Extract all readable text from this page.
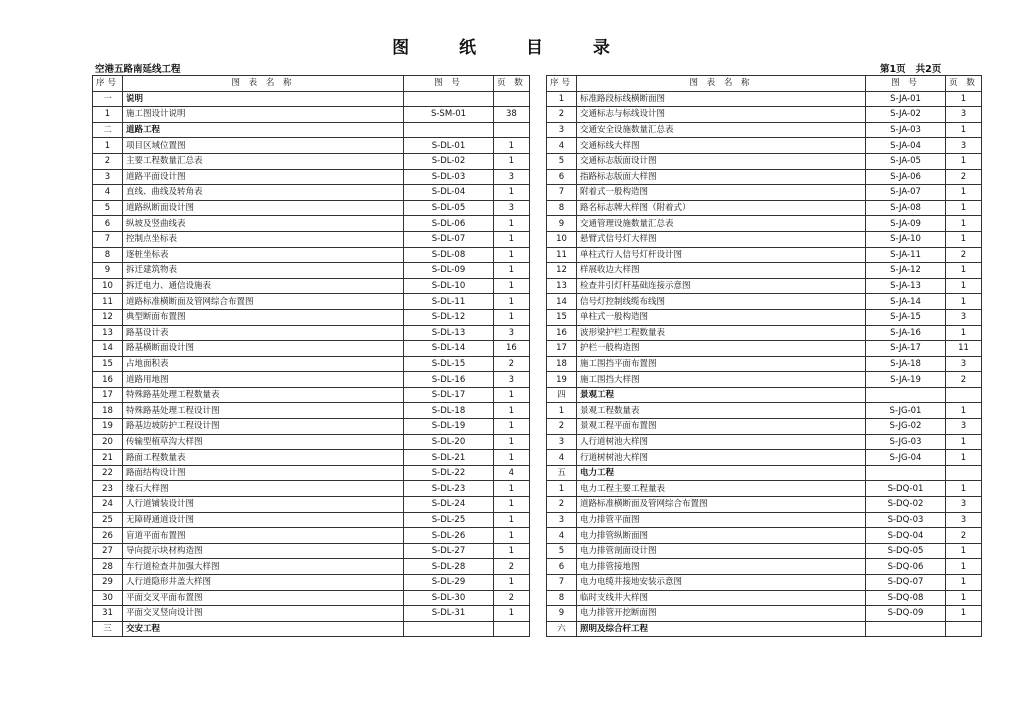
图 纸 目 录
空港五路南延线工程	第1页 共2页
序号	图 表 名 称	图 号	页 数
一	说明		
1	施工图设计说明	S-SM-01	38
二	道路工程		
1	项目区域位置图	S-DL-01	1
2	主要工程数量汇总表	S-DL-02	1
3	道路平面设计图	S-DL-03	3
4	直线、曲线及转角表	S-DL-04	1
5	道路纵断面设计图	S-DL-05	3
6	纵坡及竖曲线表	S-DL-06	1
7	控制点坐标表	S-DL-07	1
8	逐桩坐标表	S-DL-08	1
9	拆迁建筑物表	S-DL-09	1
10	拆迁电力、通信设施表	S-DL-10	1
11	道路标准横断面及管网综合布置图	S-DL-11	1
12	典型断面布置图	S-DL-12	1
13	路基设计表	S-DL-13	3
14	路基横断面设计图	S-DL-14	16
15	占地面积表	S-DL-15	2
16	道路用地图	S-DL-16	3
17	特殊路基处理工程数量表	S-DL-17	1
18	特殊路基处理工程设计图	S-DL-18	1
19	路基边坡防护工程设计图	S-DL-19	1
20	传输型植草沟大样图	S-DL-20	1
21	路面工程数量表	S-DL-21	1
22	路面结构设计图	S-DL-22	4
23	缘石大样图	S-DL-23	1
24	人行道铺装设计图	S-DL-24	1
25	无障碍通道设计图	S-DL-25	1
26	盲道平面布置图	S-DL-26	1
27	导向提示块材构造图	S-DL-27	1
28	车行道检查井加强大样图	S-DL-28	2
29	人行道隐形井盖大样图	S-DL-29	1
30	平面交叉平面布置图	S-DL-30	2
31	平面交叉竖向设计图	S-DL-31	1
三	交安工程		
序号	图 表 名 称	图 号	页 数
1	标准路段标线横断面图	S-JA-01	1
2	交通标志与标线设计图	S-JA-02	3
3	交通安全设施数量汇总表	S-JA-03	1
4	交通标线大样图	S-JA-04	3
5	交通标志版面设计图	S-JA-05	1
6	指路标志版面大样图	S-JA-06	2
7	附着式一般构造图	S-JA-07	1
8	路名标志牌大样图（附着式）	S-JA-08	1
9	交通管理设施数量汇总表	S-JA-09	1
10	悬臂式信号灯大样图	S-JA-10	1
11	单柱式行人信号灯杆设计图	S-JA-11	2
12	样展收边大样图	S-JA-12	1
13	检查井引灯杆基础连接示意图	S-JA-13	1
14	信号灯控制线缆布线图	S-JA-14	1
15	单柱式一般构造图	S-JA-15	3
16	波形梁护栏工程数量表	S-JA-16	1
17	护栏一般构造图	S-JA-17	11
18	施工围挡平面布置图	S-JA-18	3
19	施工围挡大样图	S-JA-19	2
四	景观工程		
1	景观工程数量表	S-JG-01	1
2	景观工程平面布置图	S-JG-02	3
3	人行道树池大样图	S-JG-03	1
4	行道树树池大样图	S-JG-04	1
五	电力工程		
1	电力工程主要工程量表	S-DQ-01	1
2	道路标准横断面及管网综合布置图	S-DQ-02	3
3	电力排管平面图	S-DQ-03	3
4	电力排管纵断面图	S-DQ-04	2
5	电力排管剖面设计图	S-DQ-05	1
6	电力排管接地图	S-DQ-06	1
7	电力电缆井接地安装示意图	S-DQ-07	1
8	临时支线井大样图	S-DQ-08	1
9	电力排管开挖断面图	S-DQ-09	1
六	照明及综合杆工程		
